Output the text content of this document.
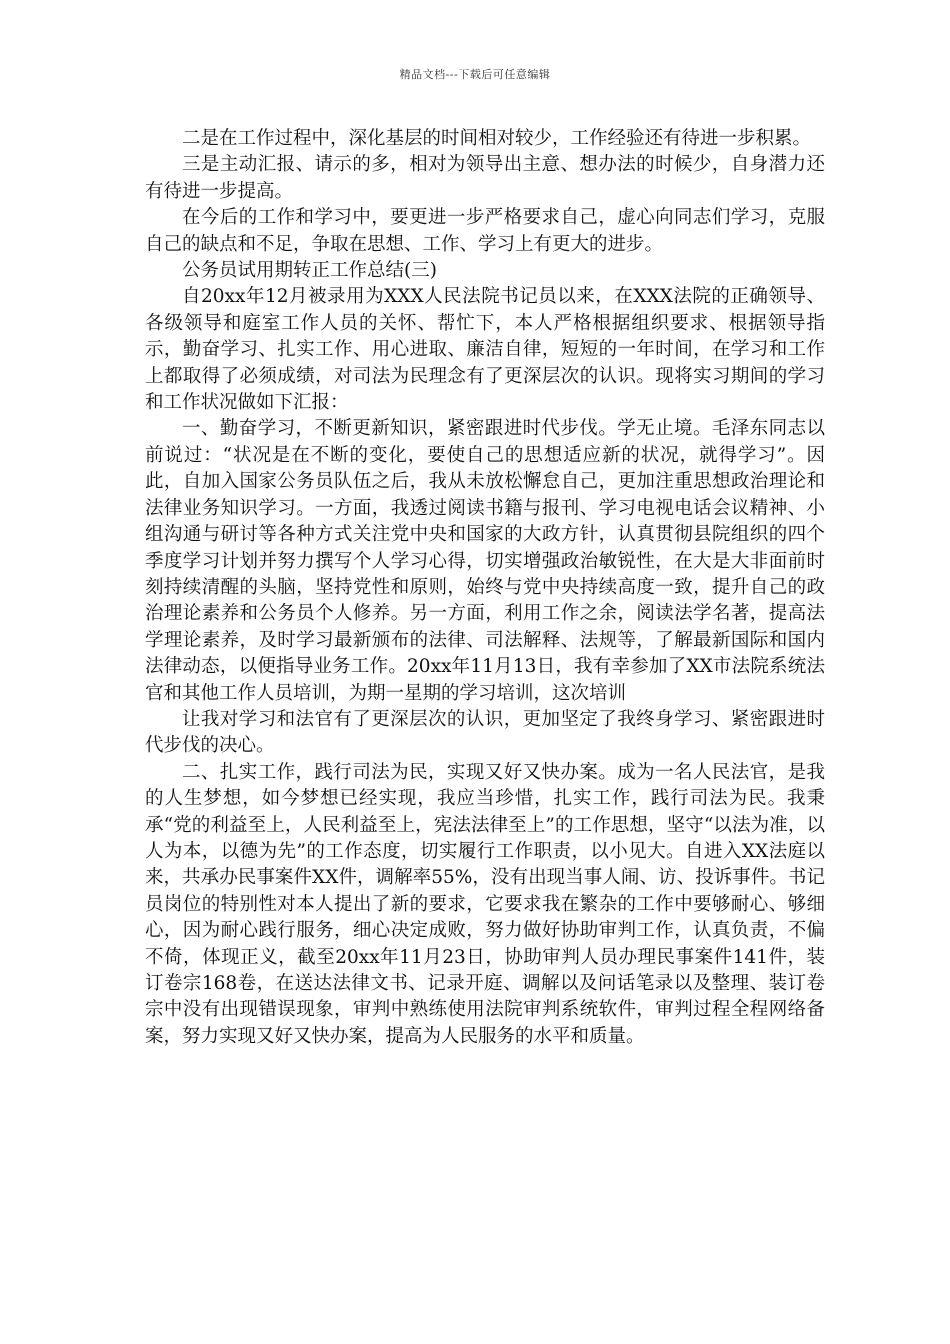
精品文档---下载后可任意编辑

二是在工作过程中，深化基层的时间相对较少，工作经验还有待进一步积累。

三是主动汇报、请示的多，相对为领导出主意、想办法的时候少，自身潜力还有待进一步提高。

在今后的工作和学习中，要更进一步严格要求自己，虚心向同志们学习，克服自己的缺点和不足，争取在思想、工作、学习上有更大的进步。

公务员试用期转正工作总结(三)

自20xx年12月被录用为XXX人民法院书记员以来，在XXX法院的正确领导、各级领导和庭室工作人员的关怀、帮忙下，本人严格根据组织要求、根据领导指示，勤奋学习、扎实工作、用心进取、廉洁自律，短短的一年时间，在学习和工作上都取得了必须成绩，对司法为民理念有了更深层次的认识。现将实习期间的学习和工作状况做如下汇报：

一、勤奋学习，不断更新知识，紧密跟进时代步伐。学无止境。毛泽东同志以前说过：“状况是在不断的变化，要使自己的思想适应新的状况，就得学习”。因此，自加入国家公务员队伍之后，我从未放松懈怠自己，更加注重思想政治理论和法律业务知识学习。一方面，我透过阅读书籍与报刊、学习电视电话会议精神、小组沟通与研讨等各种方式关注党中央和国家的大政方针，认真贯彻县院组织的四个季度学习计划并努力撰写个人学习心得，切实增强政治敏锐性，在大是大非面前时刻持续清醒的头脑，坚持党性和原则，始终与党中央持续高度一致，提升自己的政治理论素养和公务员个人修养。另一方面，利用工作之余，阅读法学名著，提高法学理论素养，及时学习最新颁布的法律、司法解释、法规等，了解最新国际和国内法律动态，以便指导业务工作。20xx年11月13日，我有幸参加了XX市法院系统法官和其他工作人员培训，为期一星期的学习培训，这次培训

让我对学习和法官有了更深层次的认识，更加坚定了我终身学习、紧密跟进时代步伐的决心。

二、扎实工作，践行司法为民，实现又好又快办案。成为一名人民法官，是我的人生梦想，如今梦想已经实现，我应当珍惜，扎实工作，践行司法为民。我秉承“党的利益至上，人民利益至上，宪法法律至上”的工作思想，坚守“以法为准，以人为本，以德为先”的工作态度，切实履行工作职责，以小见大。自进入XX法庭以来，共承办民事案件XX件，调解率55%，没有出现当事人闹、访、投诉事件。书记员岗位的特别性对本人提出了新的要求，它要求我在繁杂的工作中要够耐心、够细心，因为耐心践行服务，细心决定成败，努力做好协助审判工作，认真负责，不偏不倚，体现正义，截至20xx年11月23日，协助审判人员办理民事案件141件，装订卷宗168卷，在送达法律文书、记录开庭、调解以及问话笔录以及整理、装订卷宗中没有出现错误现象，审判中熟练使用法院审判系统软件，审判过程全程网络备案，努力实现又好又快办案，提高为人民服务的水平和质量。
